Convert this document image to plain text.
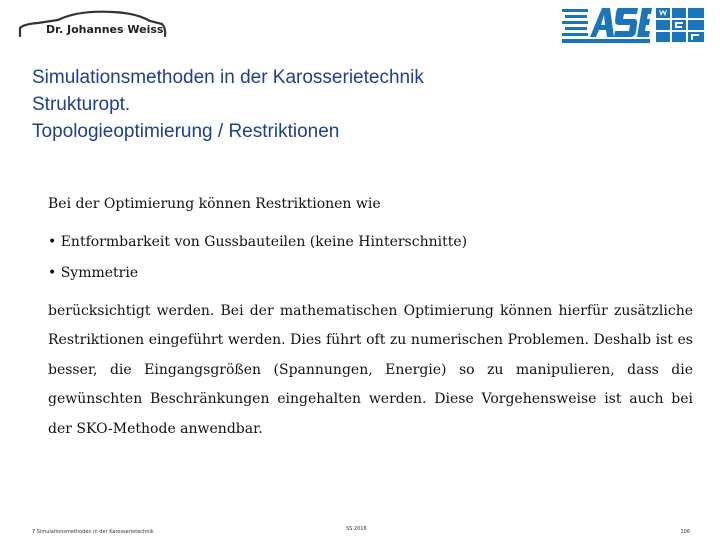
Dr. Johannes Weiss
Simulationsmethoden in der Karosserietechnik
Strukturopt.
Topologieoptimierung / Restriktionen
Bei der Optimierung können Restriktionen wie
• Entformbarkeit von Gussbauteilen (keine Hinterschnitte)
• Symmetrie
berücksichtigt werden. Bei der mathematischen Optimierung können hierfür zusätzliche Restriktionen eingeführt werden. Dies führt oft zu numerischen Problemen. Deshalb ist es besser, die Eingangsgrößen (Spannungen, Energie) so zu manipulieren, dass die gewünschten Beschränkungen eingehalten werden. Diese Vorgehensweise ist auch bei der SKO-Methode anwendbar.
7 Simulationsmethoden in der Karosserietechnik	SS 2016	106
